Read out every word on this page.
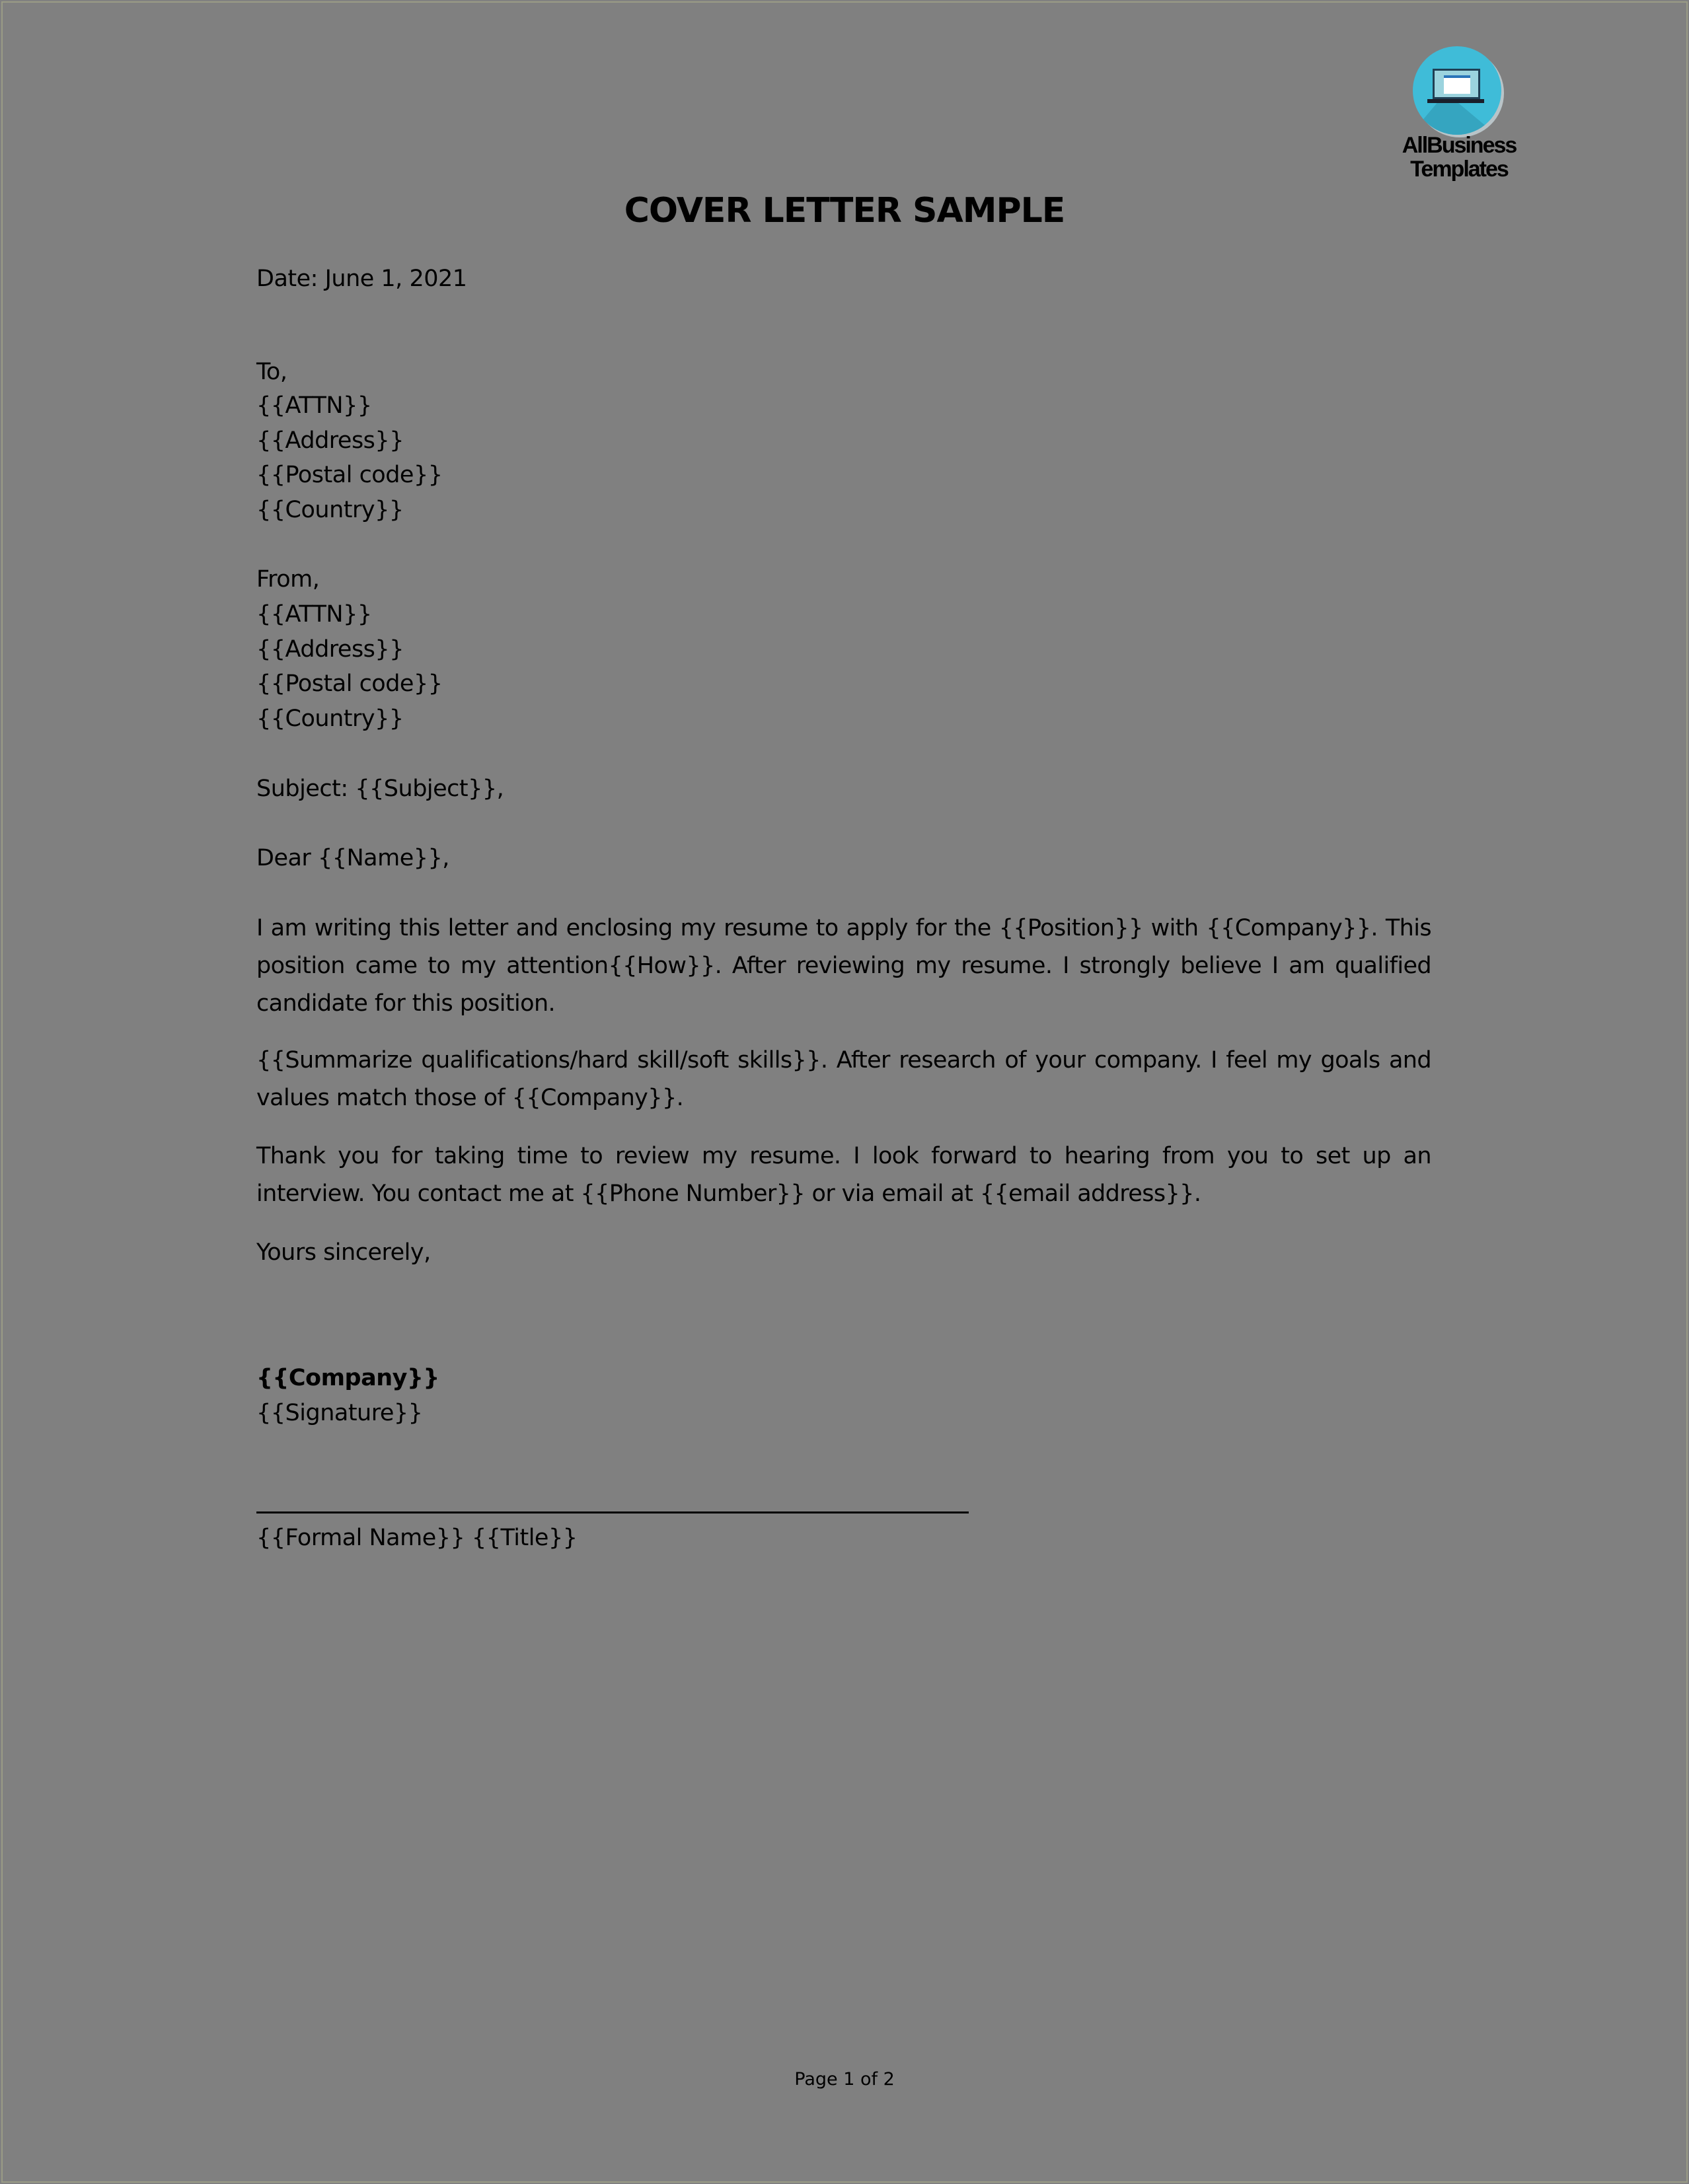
AllBusiness
Templates
COVER LETTER SAMPLE
Date: June 1, 2021
To,
{{ATTN}}
{{Address}}
{{Postal code}}
{{Country}}
From,
{{ATTN}}
{{Address}}
{{Postal code}}
{{Country}}
Subject: {{Subject}},
Dear {{Name}},
I am writing this letter and enclosing my resume to apply for the {{Position}} with {{Company}}. This position came to my attention{{How}}. After reviewing my resume. I strongly believe I am qualified candidate for this position.
{{Summarize qualifications/hard skill/soft skills}}. After research of your company. I feel my goals and values match those of {{Company}}.
Thank you for taking time to review my resume. I look forward to hearing from you to set up an interview. You contact me at {{Phone Number}} or via email at {{email address}}.
Yours sincerely,
{{Company}}
{{Signature}}
{{Formal Name}} {{Title}}
Page 1 of 2
